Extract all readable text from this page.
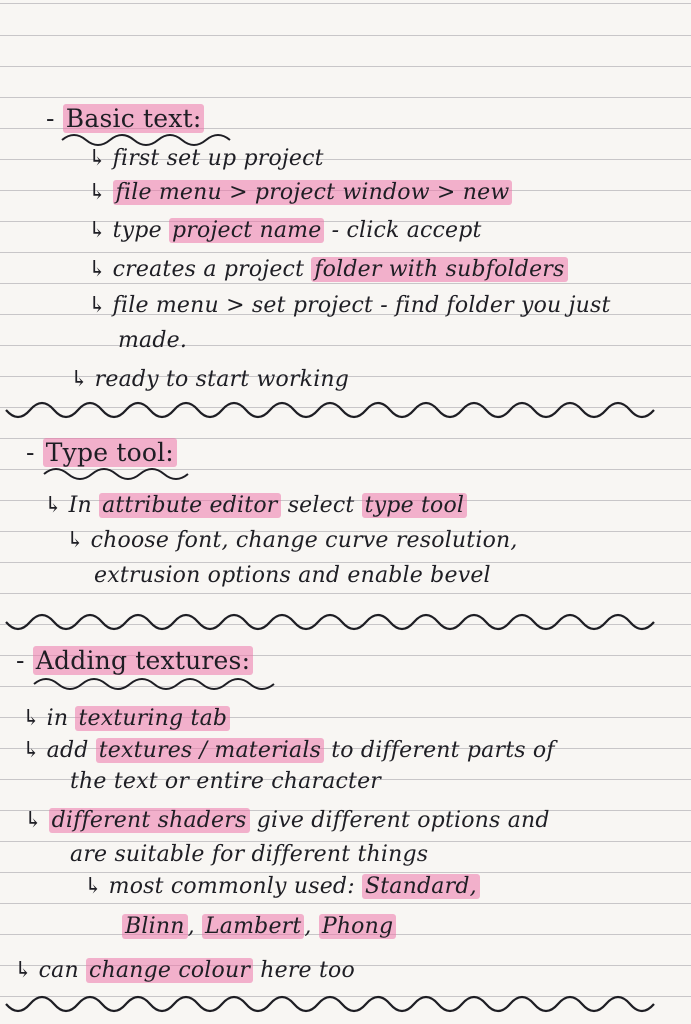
- Basic text:
↳ first set up project
↳ file menu > project window > new
↳ type project name - click accept
↳ creates a project folder with subfolders
↳ file menu > set project - find folder you just
made.
↳ ready to start working
- Type tool:
↳ In attribute editor select type tool
↳ choose font, change curve resolution,
extrusion options and enable bevel
- Adding textures:
↳ in texturing tab
↳ add textures / materials to different parts of
the text or entire character
↳ different shaders give different options and
are suitable for different things
↳ most commonly used: Standard,
Blinn , Lambert , Phong
↳ can change colour here too
